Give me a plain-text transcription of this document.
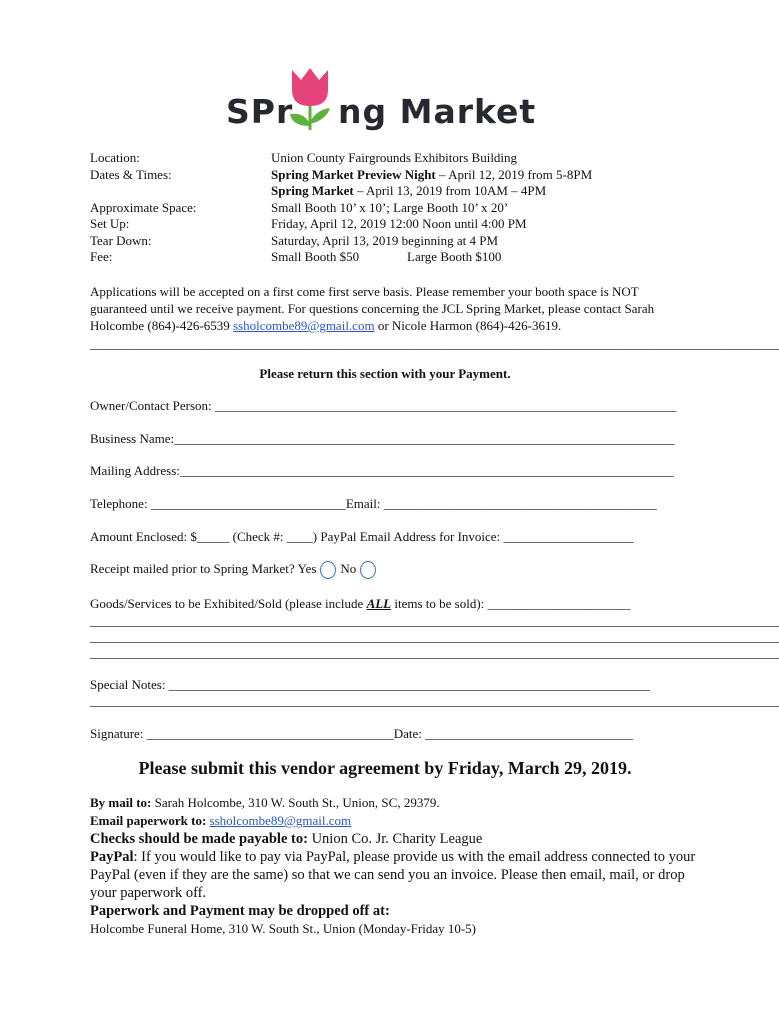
SPr ng Market
Location:	Union County Fairgrounds Exhibitors Building
Dates & Times:	Spring Market Preview Night – April 12, 2019 from 5-8PM
Spring Market – April 13, 2019 from 10AM – 4PM
Approximate Space:	Small Booth 10’ x 10’; Large Booth 10’ x 20’
Set Up:	Friday, April 12, 2019 12:00 Noon until 4:00 PM
Tear Down:	Saturday, April 13, 2019 beginning at 4 PM
Fee:	Small Booth $50	Large Booth $100
Applications will be accepted on a first come first serve basis. Please remember your booth space is NOT guaranteed until we receive payment. For questions concerning the JCL Spring Market, please contact Sarah Holcombe (864)-426-6539 ssholcombe89@gmail.com or Nicole Harmon (864)-426-3619.
__________________________________________________________________________________________________________
Please return this section with your Payment.
Owner/Contact Person: _______________________________________________________________________
Business Name:_____________________________________________________________________________
Mailing Address:____________________________________________________________________________
Telephone: ______________________________Email: __________________________________________
Amount Enclosed: $_____ (Check #: ____) PayPal Email Address for Invoice: ____________________
Receipt mailed prior to Spring Market? Yes No
Goods/Services to be Exhibited/Sold (please include ALL items to be sold): ______________________
__________________________________________________________________________________________________________
__________________________________________________________________________________________________________
__________________________________________________________________________________________________________
Special Notes: __________________________________________________________________________
__________________________________________________________________________________________________________
Signature: ______________________________________Date: ________________________________
Please submit this vendor agreement by Friday, March 29, 2019.
By mail to: Sarah Holcombe, 310 W. South St., Union, SC, 29379.
Email paperwork to: ssholcombe89@gmail.com
Checks should be made payable to: Union Co. Jr. Charity League
PayPal: If you would like to pay via PayPal, please provide us with the email address connected to your PayPal (even if they are the same) so that we can send you an invoice. Please then email, mail, or drop your paperwork off.
Paperwork and Payment may be dropped off at:
Holcombe Funeral Home, 310 W. South St., Union (Monday-Friday 10-5)
